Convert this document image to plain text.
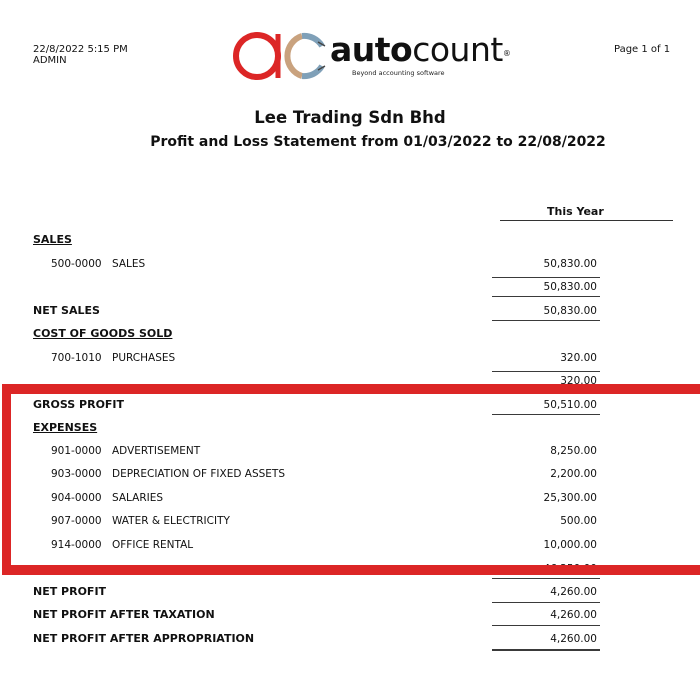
22/8/2022 5:15 PM
ADMIN
Page 1 of 1
autocount®
Beyond accounting software
Lee Trading Sdn Bhd
Profit and Loss Statement from 01/03/2022 to 22/08/2022
This Year
SALES
500-0000 SALES	50,830.00
50,830.00
NET SALES	50,830.00
COST OF GOODS SOLD
700-1010 PURCHASES	320.00
320.00
GROSS PROFIT	50,510.00
EXPENSES
901-0000 ADVERTISEMENT	8,250.00
903-0000 DEPRECIATION OF FIXED ASSETS	2,200.00
904-0000 SALARIES	25,300.00
907-0000 WATER & ELECTRICITY	500.00
914-0000 OFFICE RENTAL	10,000.00
46,250.00
NET PROFIT	4,260.00
NET PROFIT AFTER TAXATION	4,260.00
NET PROFIT AFTER APPROPRIATION	4,260.00
